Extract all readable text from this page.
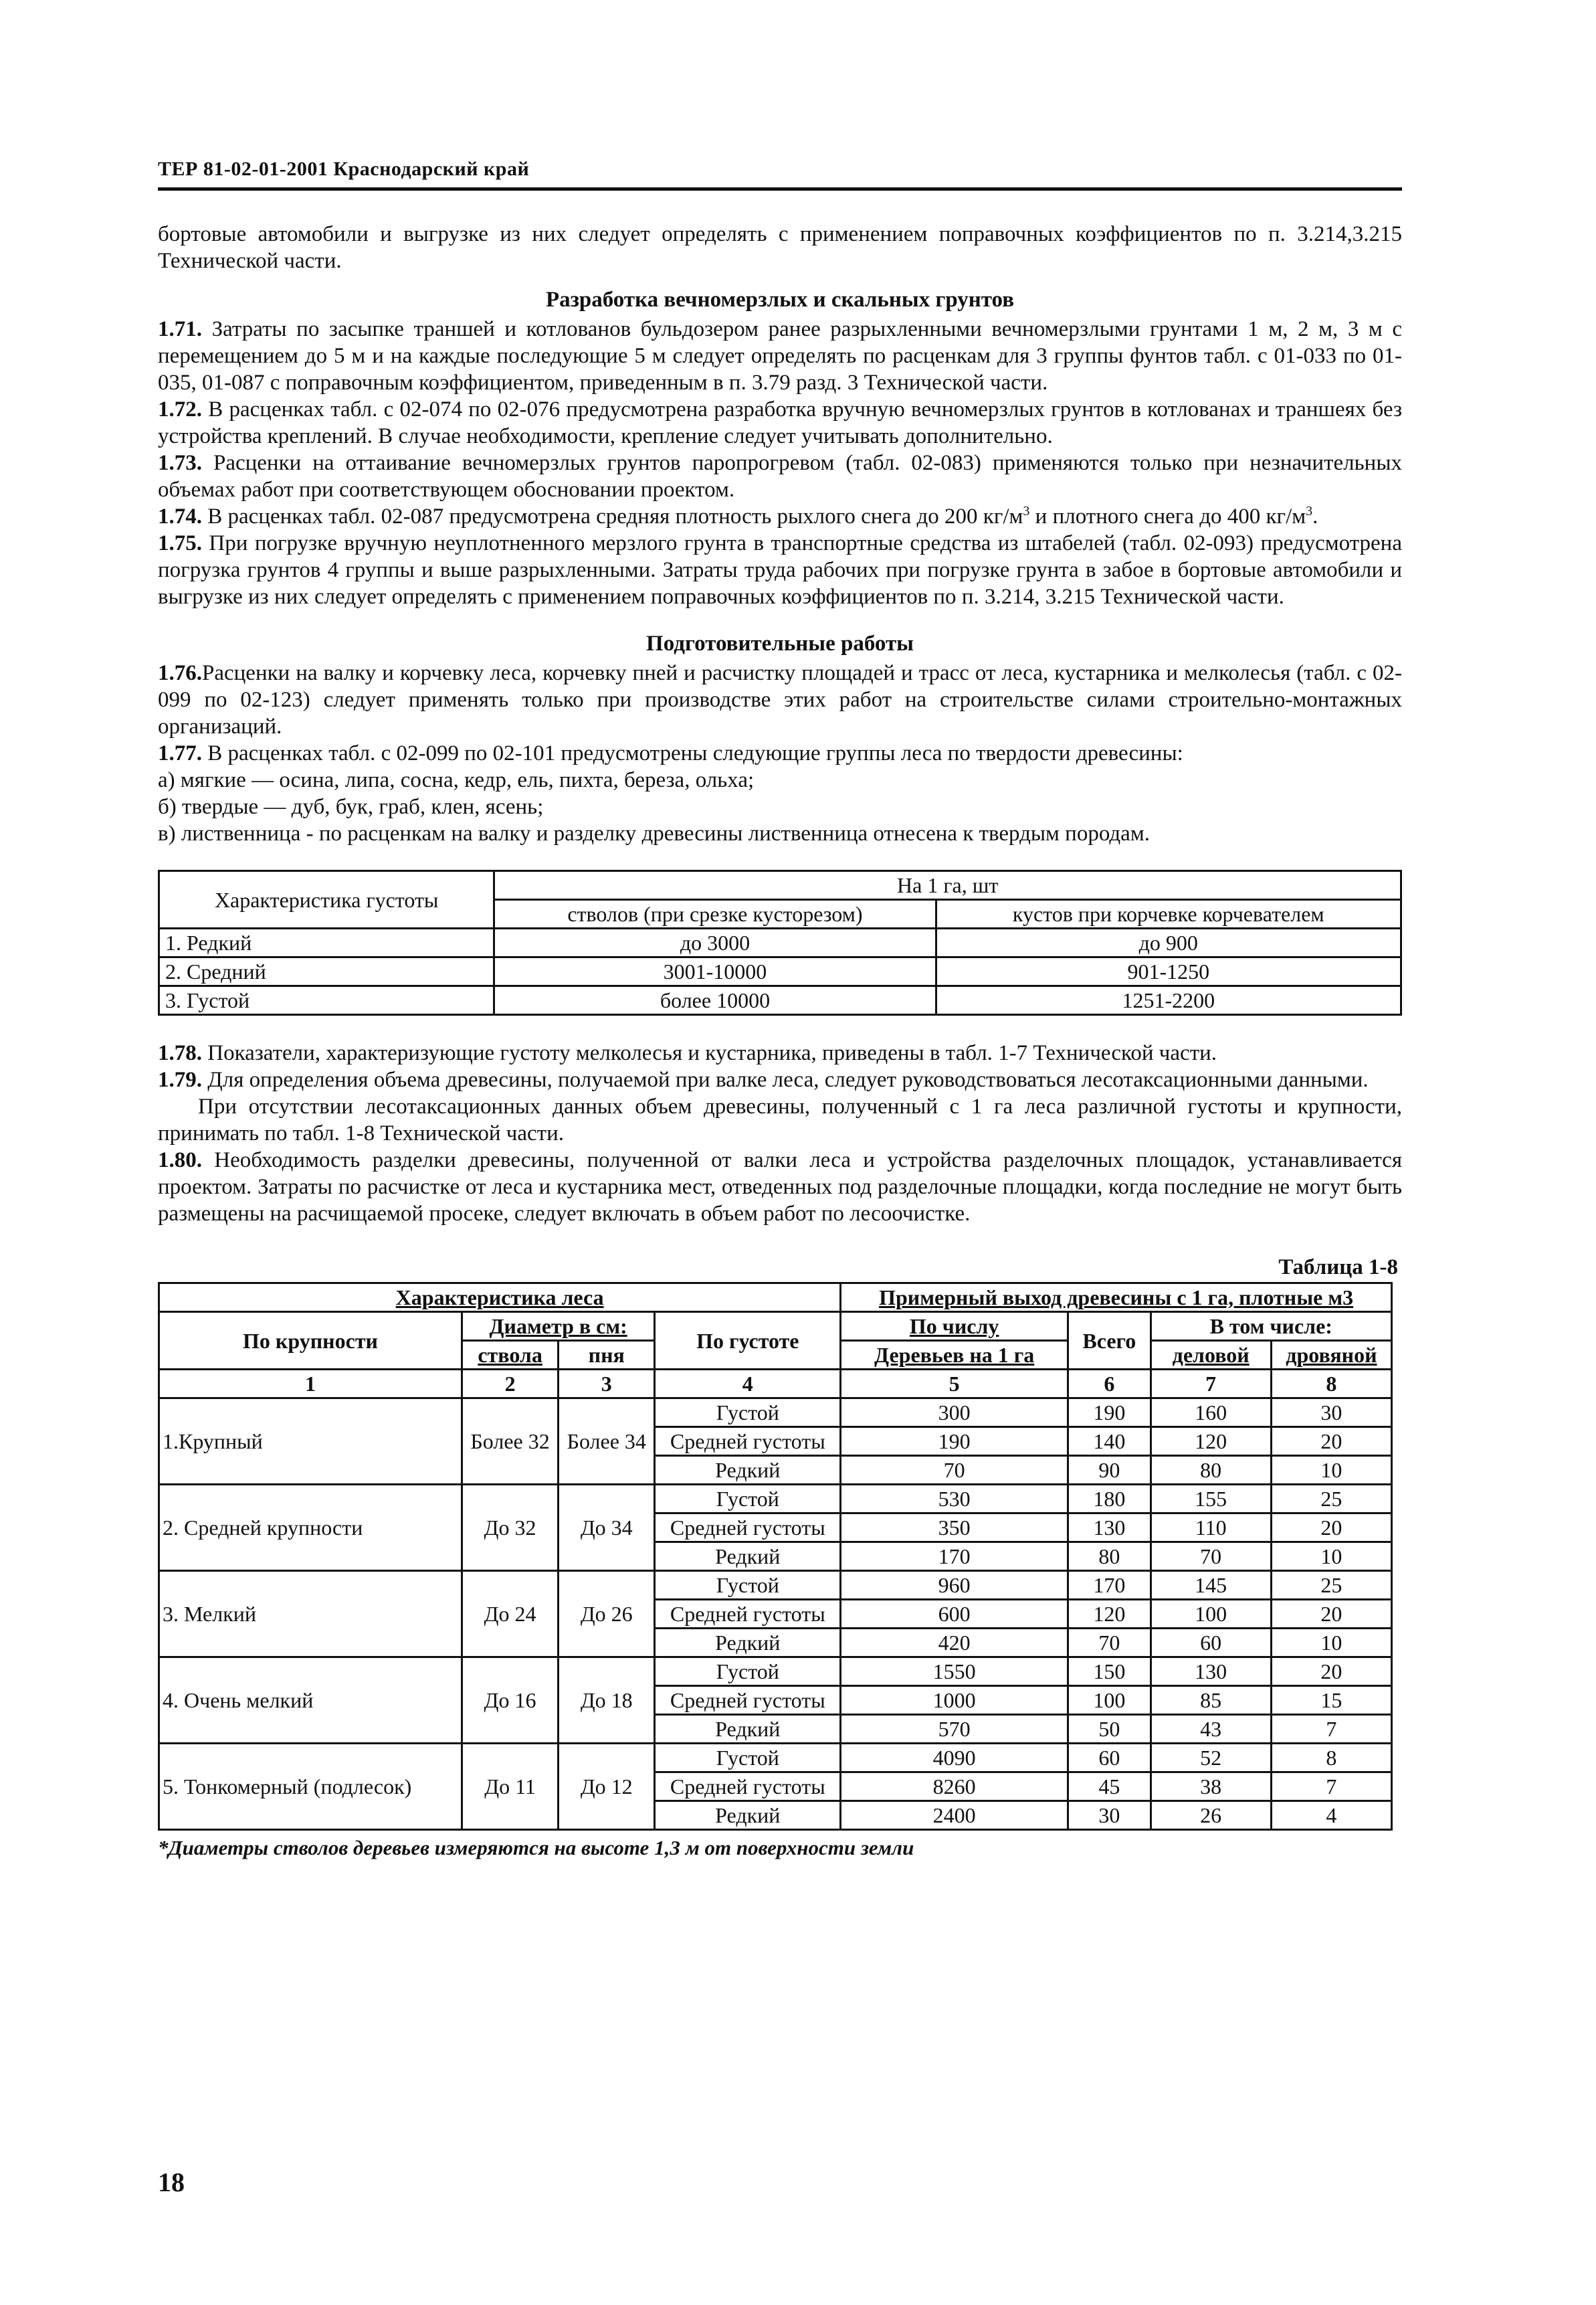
ТЕР 81-02-01-2001 Краснодарский край

бортовые автомобили и выгрузке из них следует определять с применением поправочных коэффициентов по п. 3.214,3.215 Технической части.

Разработка вечномерзлых и скальных грунтов

1.71. Затраты по засыпке траншей и котлованов бульдозером ранее разрыхленными вечномерзлыми грунтами 1 м, 2 м, 3 м с перемещением до 5 м и на каждые последующие 5 м следует определять по расценкам для 3 группы фунтов табл. с 01-033 по 01-035, 01-087 с поправочным коэффициентом, приведенным в п. 3.79 разд. 3 Технической части.

1.72. В расценках табл. с 02-074 по 02-076 предусмотрена разработка вручную вечномерзлых грунтов в котлованах и траншеях без устройства креплений. В случае необходимости, крепление следует учитывать дополнительно.

1.73. Расценки на оттаивание вечномерзлых грунтов паропрогревом (табл. 02-083) применяются только при незначительных объемах работ при соответствующем обосновании проектом.

1.74. В расценках табл. 02-087 предусмотрена средняя плотность рыхлого снега до 200 $кг/м^3$ и плотного снега до 400 $кг/м^3$.

1.75. При погрузке вручную неуплотненного мерзлого грунта в транспортные средства из штабелей (табл. 02-093) предусмотрена погрузка грунтов 4 группы и выше разрыхленными. Затраты труда рабочих при погрузке грунта в забое в бортовые автомобили и выгрузке из них следует определять с применением поправочных коэффициентов по п. 3.214, 3.215 Технической части.

Подготовительные работы

1.76.Расценки на валку и корчевку леса, корчевку пней и расчистку площадей и трасс от леса, кустарника и мелколесья (табл. с 02-099 по 02-123) следует применять только при производстве этих работ на строительстве силами строительно-монтажных организаций.

1.77. В расценках табл. с 02-099 по 02-101 предусмотрены следующие группы леса по твердости древесины:

а) мягкие — осина, липа, сосна, кедр, ель, пихта, береза, ольха;

б) твердые — дуб, бук, граб, клен, ясень;

в) лиственница - по расценкам на валку и разделку древесины лиственница отнесена к твердым породам.

Характеристика густоты	На 1 га, шт	
	стволов (при срезке кусторезом)	кустов при корчевке корчевателем
1. Редкий	до 3000	до 900
2. Средний	3001-10000	901-1250
3. Густой	более 10000	1251-2200

1.78. Показатели, характеризующие густоту мелколесья и кустарника, приведены в табл. 1-7 Технической части.

1.79. Для определения объема древесины, получаемой при валке леса, следует руководствоваться лесотаксационными данными.

При отсутствии лесотаксационных данных объем древесины, полученный с 1 га леса различной густоты и крупности, принимать по табл. 1-8 Технической части.

1.80. Необходимость разделки древесины, полученной от валки леса и устройства разделочных площадок, устанавливается проектом. Затраты по расчистке от леса и кустарника мест, отведенных под разделочные площадки, когда последние не могут быть размещены на расчищаемой просеке, следует включать в объем работ по лесоочистке.

Таблица 1-8
Характеристика леса				Примерный выход древесины с 1 га, плотные м3			
По крупности	Диаметр в см:		По густоте	По числу	Всего	В том числе:	
	ствола	пня		Деревьев на 1 га		деловой	дровяной
1	2	3	4	5	6	7	8
1.Крупный	Более 32	Более 34	Густой	300	190	160	30
			Средней густоты	190	140	120	20
			Редкий	70	90	80	10
2. Средней крупности	До 32	До 34	Густой	530	180	155	25
			Средней густоты	350	130	110	20
			Редкий	170	80	70	10
3. Мелкий	До 24	До 26	Густой	960	170	145	25
			Средней густоты	600	120	100	20
			Редкий	420	70	60	10
4. Очень мелкий	До 16	До 18	Густой	1550	150	130	20
			Средней густоты	1000	100	85	15
			Редкий	570	50	43	7
5. Тонкомерный (подлесок)	До 11	До 12	Густой	4090	60	52	8
			Средней густоты	8260	45	38	7
			Редкий	2400	30	26	4
*Диаметры стволов деревьев измеряются на высоте 1,3 м от поверхности земли
18
